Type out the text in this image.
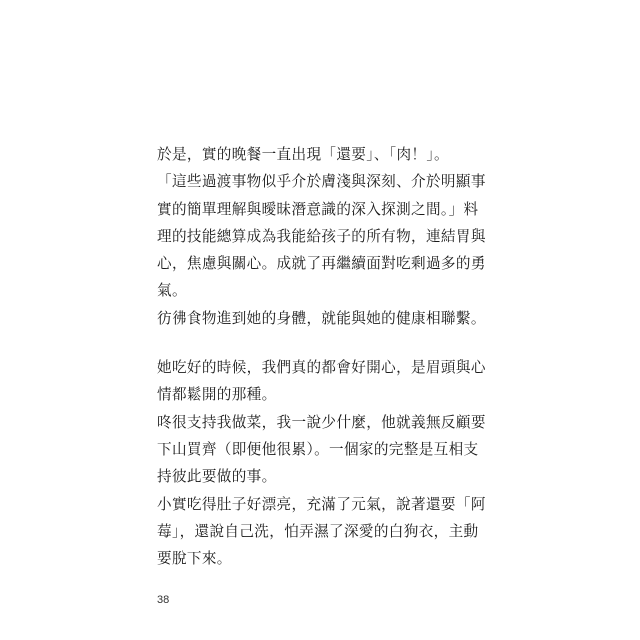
於是，實的晚餐一直出現「還要」、「肉！」。
「這些過渡事物似乎介於膚淺與深刻、介於明顯事
實的簡單理解與曖昧潛意識的深入探測之間。」料
理的技能總算成為我能給孩子的所有物，連結胃與
心，焦慮與關心。成就了再繼續面對吃剩過多的勇
氣。
彷彿食物進到她的身體，就能與她的健康相聯繫。
她吃好的時候，我們真的都會好開心，是眉頭與心
情都鬆開的那種。
咚很支持我做菜，我一說少什麼，他就義無反顧要
下山買齊（即便他很累）。一個家的完整是互相支
持彼此要做的事。
小實吃得肚子好漂亮，充滿了元氣，說著還要「阿
莓」，還說自己洗，怕弄濕了深愛的白狗衣，主動
要脫下來。
38
